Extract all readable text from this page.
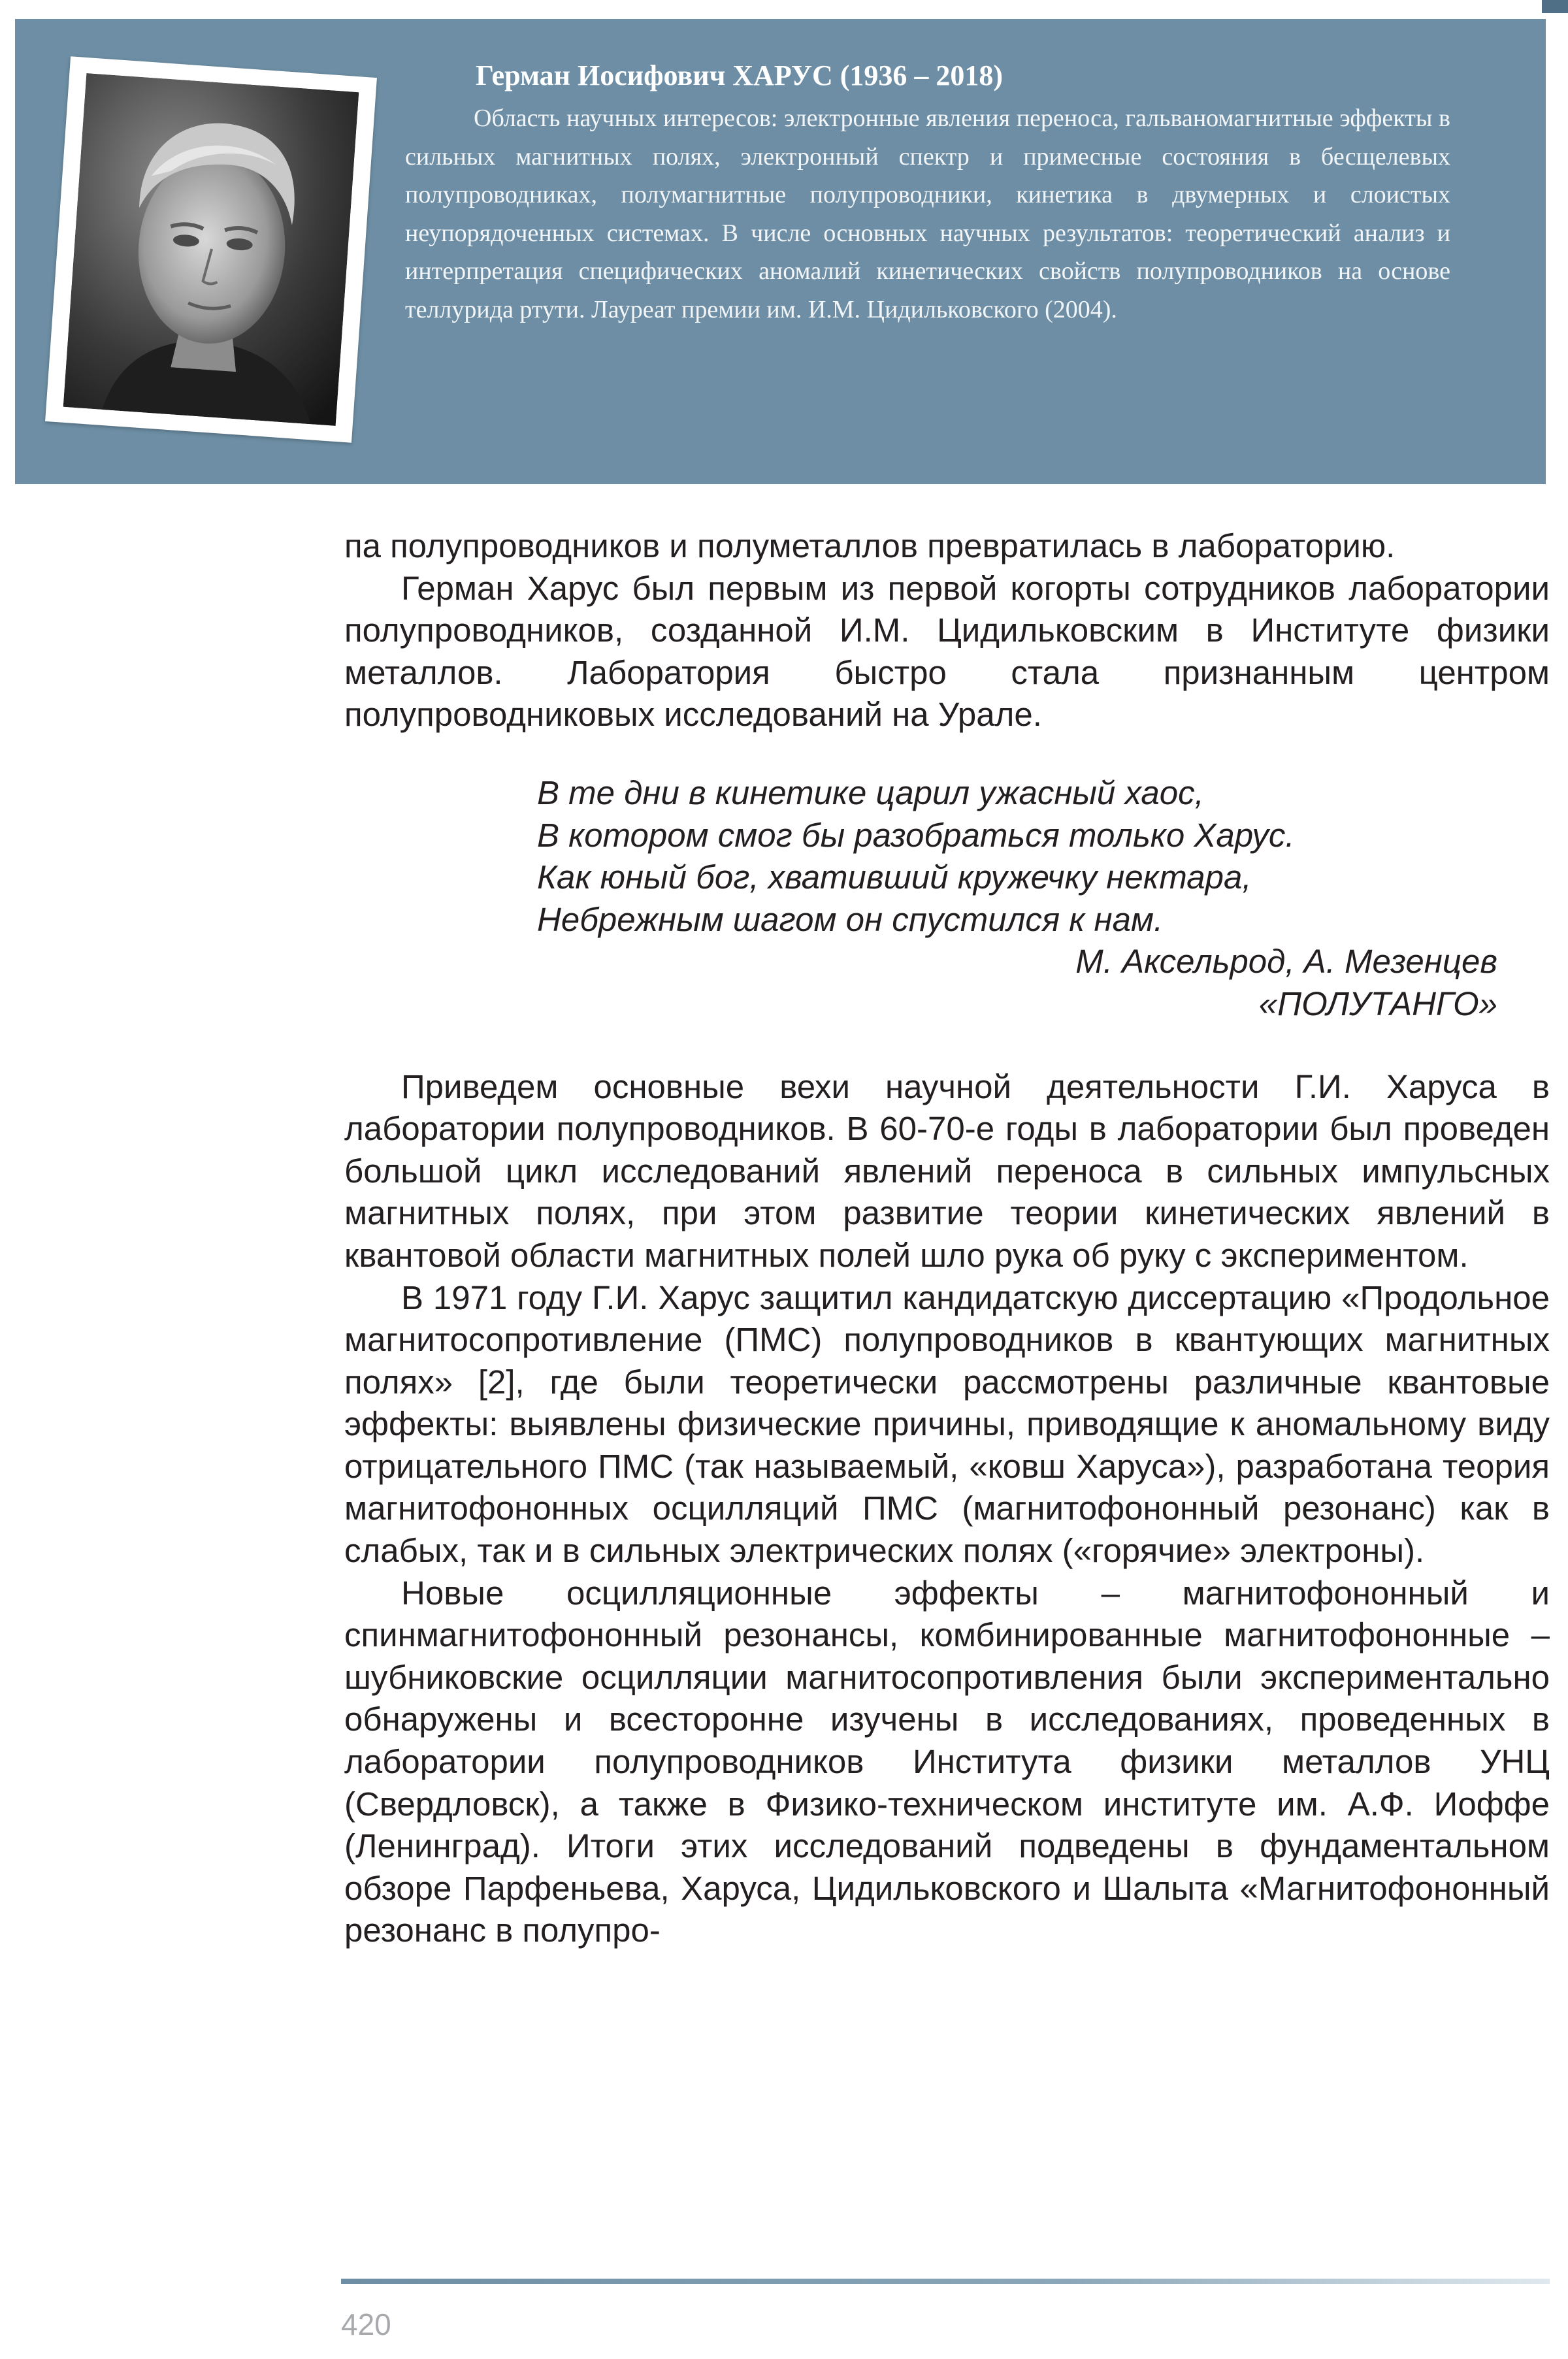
Герман Иосифович ХАРУС (1936 – 2018)

Область научных интересов: электронные явления переноса, гальваномагнитные эффекты в сильных магнитных полях, электронный спектр и примесные состояния в бесщелевых полупроводниках, полумагнитные полупроводники, кинетика в двумерных и слоистых неупорядоченных системах. В числе основных научных результатов: теоретический анализ и интерпретация специфических аномалий кинетических свойств полупроводников на основе теллурида ртути. Лауреат премии им. И.М. Цидильковского (2004).

па полупроводников и полуметаллов превратилась в лабораторию.

Герман Харус был первым из первой когорты сотрудников лаборатории полупроводников, созданной И.М. Цидильковским в Институте физики металлов. Лаборатория быстро стала признанным центром полупроводниковых исследований на Урале.

В те дни в кинетике царил ужасный хаос,
В котором смог бы разобраться только Харус.
Как юный бог, хвативший кружечку нектара,
Небрежным шагом он спустился к нам.
М. Аксельрод, А. Мезенцев
«ПОЛУТАНГО»

Приведем основные вехи научной деятельности Г.И. Харуса в лаборатории полупроводников. В 60-70-е годы в лаборатории был проведен большой цикл исследований явлений переноса в сильных импульсных магнитных полях, при этом развитие теории кинетических явлений в квантовой области магнитных полей шло рука об руку с экспериментом.

В 1971 году Г.И. Харус защитил кандидатскую диссертацию «Продольное магнитосопротивление (ПМС) полупроводников в квантующих магнитных полях» [2], где были теоретически рассмотрены различные квантовые эффекты: выявлены физические причины, приводящие к аномальному виду отрицательного ПМС (так называемый, «ковш Харуса»), разработана теория магнитофононных осцилляций ПМС (магнитофононный резонанс) как в слабых, так и в сильных электрических полях («горячие» электроны).

Новые осцилляционные эффекты – магнитофононный и спинмагнитофононный резонансы, комбинированные магнитофононные – шубниковские осцилляции магнитосопротивления были экспериментально обнаружены и всесторонне изучены в исследованиях, проведенных в лаборатории полупроводников Института физики металлов УНЦ (Свердловск), а также в Физико-техническом институте им. А.Ф. Иоффе (Ленинград). Итоги этих исследований подведены в фундаментальном обзоре Парфеньева, Харуса, Цидильковского и Шалыта «Магнитофононный резонанс в полупро-

420
